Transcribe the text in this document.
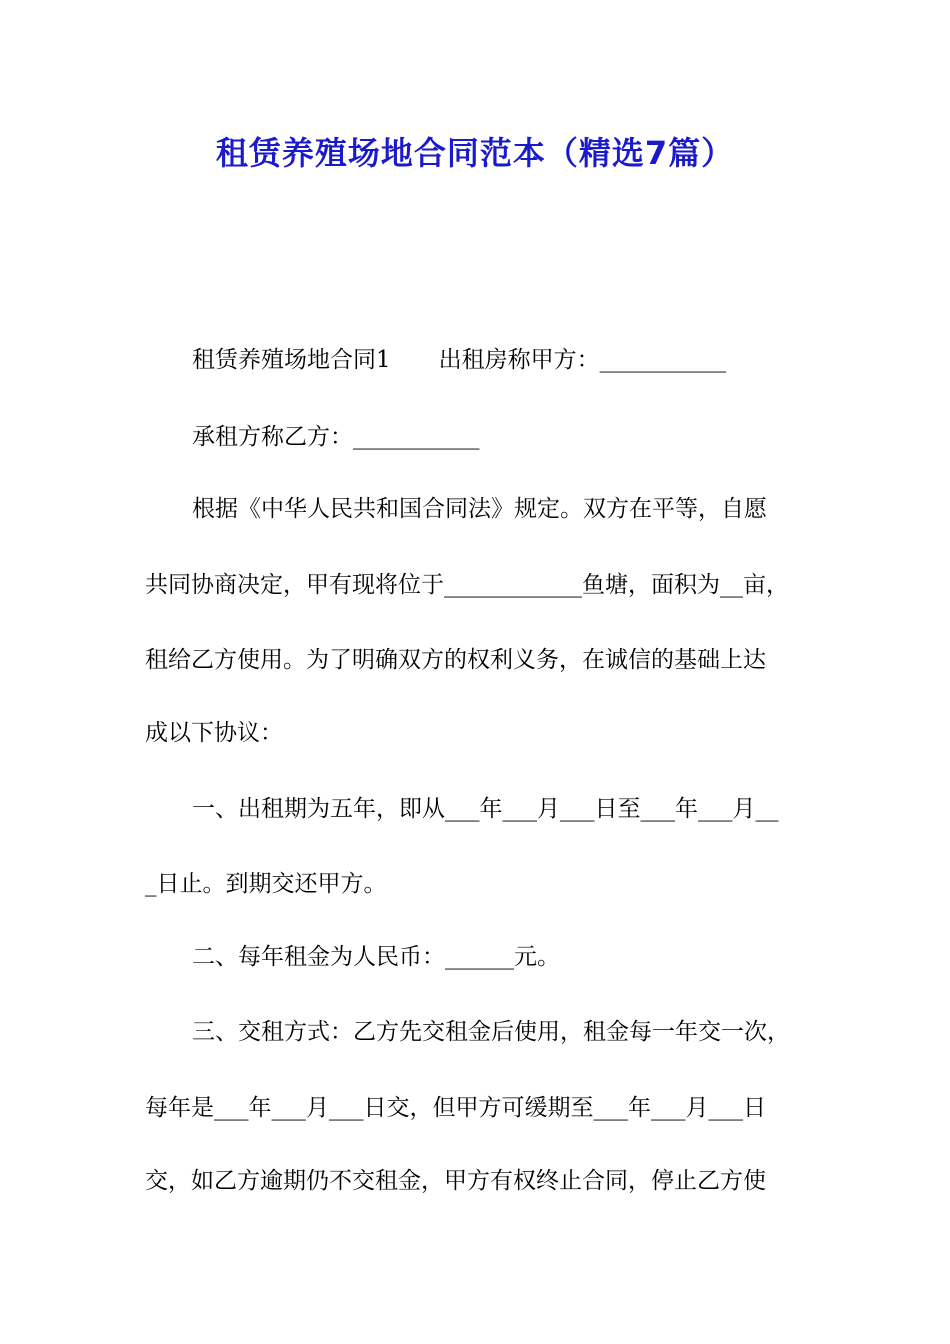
租赁养殖场地合同范本（精选7篇）
租赁养殖场地合同1 出租房称甲方：___________
承租方称乙方：___________
根据《中华人民共和国合同法》规定。双方在平等，自愿
共同协商决定，甲有现将位于____________鱼塘，面积为__亩，
租给乙方使用。为了明确双方的权利义务，在诚信的基础上达
成以下协议：
一、出租期为五年，即从___年___月___日至___年___月__
_日止。到期交还甲方。
二、每年租金为人民币：______元。
三、交租方式：乙方先交租金后使用，租金每一年交一次，
每年是___年___月___日交，但甲方可缓期至___年___月___日
交，如乙方逾期仍不交租金，甲方有权终止合同，停止乙方使
